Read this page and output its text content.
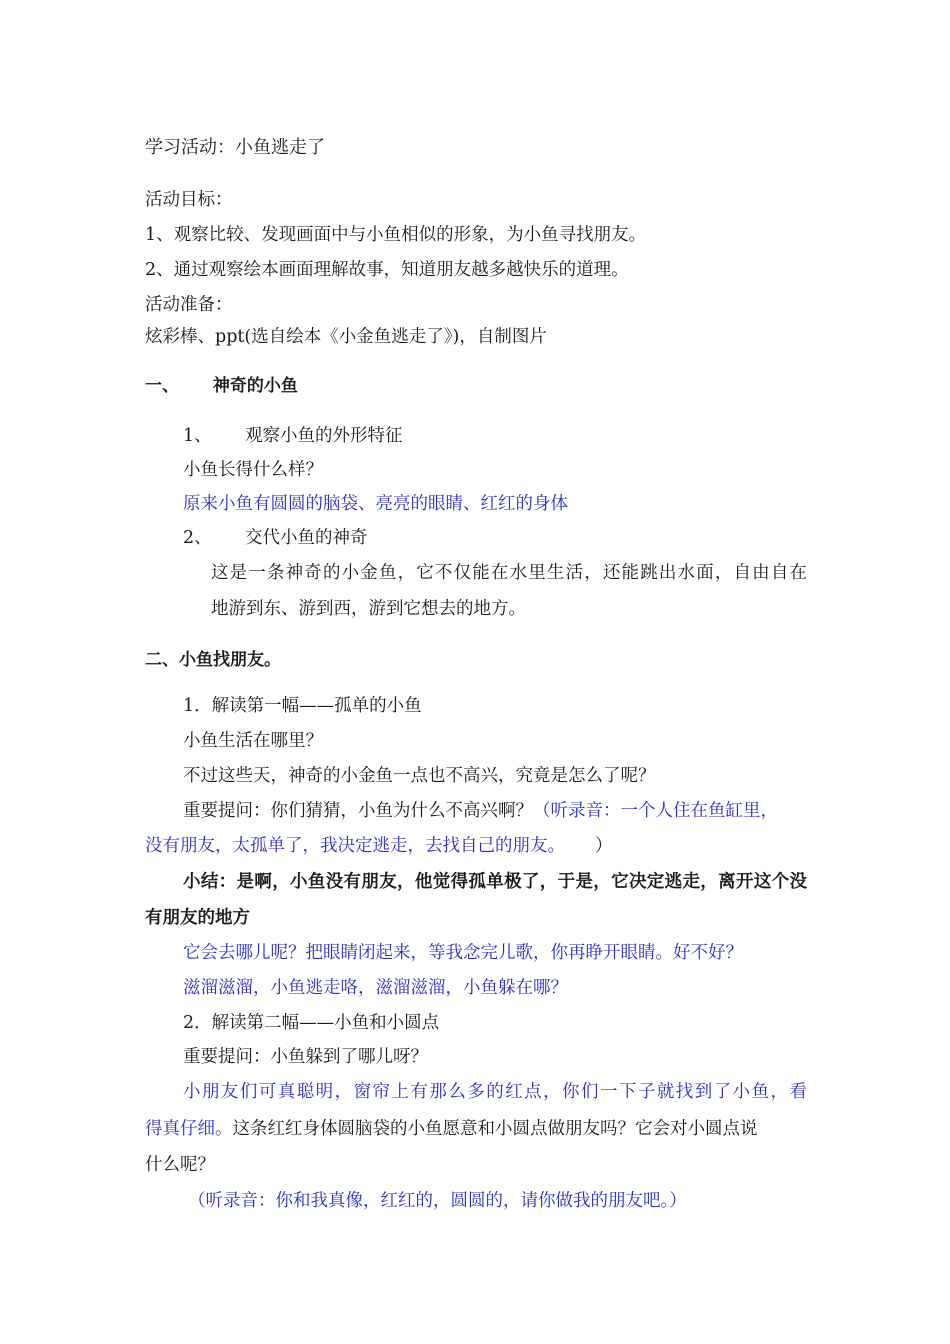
学习活动：小鱼逃走了
活动目标：
1、观察比较、发现画面中与小鱼相似的形象，为小鱼寻找朋友。
2、通过观察绘本画面理解故事，知道朋友越多越快乐的道理。
活动准备：
炫彩棒、ppt(选自绘本《小金鱼逃走了》)，自制图片
一、 神奇的小鱼
1、 观察小鱼的外形特征
小鱼长得什么样？
原来小鱼有圆圆的脑袋、亮亮的眼睛、红红的身体
2、 交代小鱼的神奇
这是一条神奇的小金鱼，它不仅能在水里生活，还能跳出水面，自由自在
地游到东、游到西，游到它想去的地方。
二、小鱼找朋友。
1．解读第一幅——孤单的小鱼
小鱼生活在哪里？
不过这些天，神奇的小金鱼一点也不高兴，究竟是怎么了呢？
重要提问：你们猜猜，小鱼为什么不高兴啊？（听录音：一个人住在鱼缸里，
没有朋友，太孤单了，我决定逃走，去找自己的朋友。 ）
小结：是啊，小鱼没有朋友，他觉得孤单极了，于是，它决定逃走，离开这个没
有朋友的地方
它会去哪儿呢？把眼睛闭起来，等我念完儿歌，你再睁开眼睛。好不好？
滋溜滋溜，小鱼逃走咯，滋溜滋溜，小鱼躲在哪？
2．解读第二幅——小鱼和小圆点
重要提问：小鱼躲到了哪儿呀？
小朋友们可真聪明，窗帘上有那么多的红点，你们一下子就找到了小鱼，看
得真仔细。这条红红身体圆脑袋的小鱼愿意和小圆点做朋友吗？它会对小圆点说
什么呢？
（听录音：你和我真像，红红的，圆圆的，请你做我的朋友吧。）
